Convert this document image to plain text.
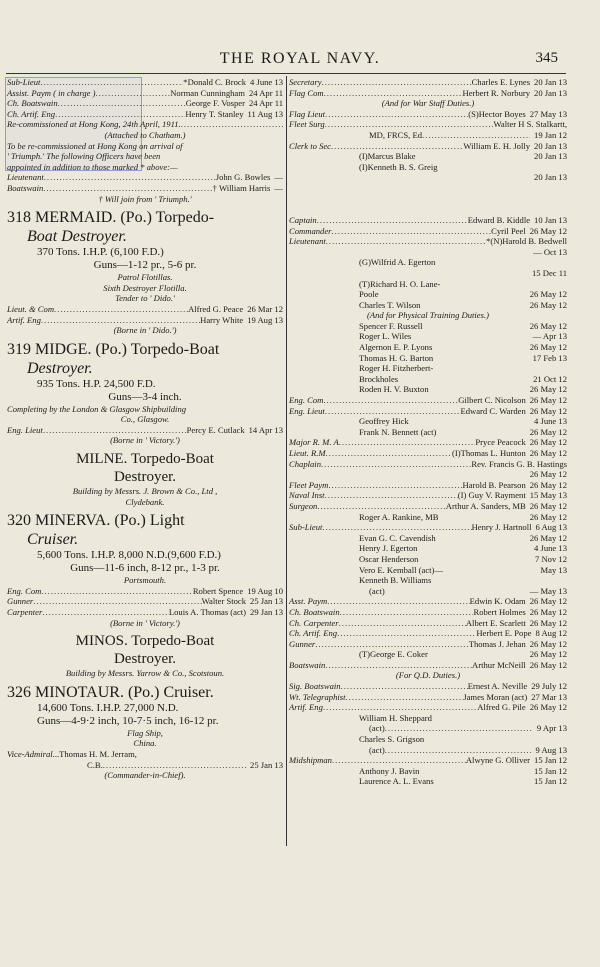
THE ROYAL NAVY.	345
Sub-Lieut .....	*Donald C. Brock 4 June 13
Assist. Paym ( in charge ) .....	Norman Cunningham 24 Apr 11
Ch. Boatswain .....	George F. Vosper 24 Apr 11
Ch. Artif. Eng .....	Henry T. Stanley 11 Aug 13
Re-commissioned at Hong Kong, 24th April, 1911.
.....
(Attached to Chatham.)
To be re-commissioned at Hong Kong on arrival of
' Triumph.' The following Officers have been
appointed in addition to those marked * above:—
Lieutenant .....	John G. Bowles —
Boatswain .....	† William Harris —
† Will join from ' Triumph.'
318 MERMAID. (Po.) Torpedo-
Boat Destroyer.
370 Tons. I.H.P. (6,100 F.D.)
Guns—1-12 pr., 5-6 pr.
Patrol Flotillas.
Sixth Destroyer Flotilla.
Tender to ' Dido.'
Lieut. & Com .....	Alfred G. Peace 26 Mar 12
Artif. Eng .....	Harry White 19 Aug 13
(Borne in ' Dido.')
319 MIDGE. (Po.) Torpedo-Boat
Destroyer.
935 Tons. H.P. 24,500 F.D.
Guns—3-4 inch.
Completing by the London & Glasgow Shipbuilding
Co., Glasgow.
Eng. Lieut .....	Percy E. Cutlack 14 Apr 13
(Borne in ' Victory.')
MILNE. Torpedo-Boat
Destroyer.
Building by Messrs. J. Brown & Co., Ltd ,
Clydebank.
320 MINERVA. (Po.) Light
Cruiser.
5,600 Tons. I.H.P. 8,000 N.D.(9,600 F.D.)
Guns—11-6 inch, 8-12 pr., 1-3 pr.
Portsmouth.
Eng. Com .....	Robert Spence 19 Aug 10
Gunner .....	Walter Stock 25 Jan 13
Carpenter .....	Louis A. Thomas (act) 29 Jan 13
(Borne in ' Victory.')
MINOS. Torpedo-Boat
Destroyer.
Building by Messrs. Yarrow & Co., Scotstoun.
326 MINOTAUR. (Po.) Cruiser.
14,600 Tons. I.H.P. 27,000 N.D.
Guns—4-9·2 inch, 10-7·5 inch, 16-12 pr.
Flag Ship,
China.
Vice-Admiral ... Thomas H. M. Jerram,
C.B. .....	25 Jan 13
(Commander-in-Chief).
Secretary .....	Charles E. Lynes 20 Jan 13
Flag Com .....	Herbert R. Norbury 20 Jan 13
(And for War Staff Duties.)
Flag Lieut .....	(S)Hector Boyes 27 May 13
Fleet Surg .....	Walter H S. Stalkartt,
MD, FRCS, Ed .....	19 Jan 12
Clerk to Sec .....	William E. H. Jolly 20 Jan 13
(I)Marcus Blake	20 Jan 13
(I)Kenneth B. S. Greig
20 Jan 13
Captain .....	Edward B. Kiddle 10 Jan 13
Commander .....	Cyril Peel 26 May 12
Lieutenant .....	*(N)Harold B. Bedwell
— Oct 13
(G)Wilfrid A. Egerton
15 Dec 11
(T)Richard H. O. Lane-
Poole	26 May 12
Charles T. Wilson	26 May 12
(And for Physical Training Duties.)
Spencer F. Russell	26 May 12
Roger L. Wiles	— Apr 13
Algernon E. P. Lyons	26 May 12
Thomas H. G. Barton	17 Feb 13
Roger H. Fitzherbert-
Brockholes	21 Oct 12
Roden H. V. Buxton	26 May 12
Eng. Com .....	Gilbert C. Nicolson 26 May 12
Eng. Lieut .....	Edward C. Warden 26 May 12
Geoffrey Hick	4 June 13
Frank N. Bennett (act)	26 May 12
Major R. M. A .....	Pryce Peacock 26 May 12
Lieut. R.M .....	(I)Thomas L. Hunton 26 May 12
Chaplain .....	Rev. Francis G. B. Hastings
26 May 12
Fleet Paym .....	Harold B. Pearson 26 May 12
Naval Inst .....	(I) Guy V. Rayment 15 May 13
Surgeon .....	Arthur A. Sanders, MB 26 May 12
Roger A. Rankine, MB	26 May 12
Sub-Lieut .....	Henry J. Hartnoll 6 Aug 13
Evan G. C. Cavendish	26 May 12
Henry J. Egerton	4 June 13
Oscar Henderson	7 Nov 12
Vero E. Kemball (act)—	May 13
Kenneth B. Williams
(act)	— May 13
Asst. Paym .....	Edwin K. Odam 26 May 12
Ch. Boatswain .....	Robert Holmes 26 May 12
Ch. Carpenter .....	Albert E. Scarlett 26 May 12
Ch. Artif. Eng .....	Herbert E. Pope 8 Aug 12
Gunner .....	Thomas J. Jehan 26 May 12
(T)George E. Coker	26 May 12
Boatswain .....	Arthur McNeill 26 May 12
(For Q.D. Duties.)
Sig. Boatswain .....	Ernest A. Neville 29 July 12
Wt. Telegraphist .....	James Moran (act) 27 Mar 13
Artif. Eng .....	Alfred G. Pile 26 May 12
William H. Sheppard
(act) .....	9 Apr 13
Charles S. Grigson
(act) .....	9 Aug 13
Midshipman .....	Alwyne G. Olliver 15 Jan 12
Anthony J. Bavin	15 Jan 12
Laurence A. L. Evans	15 Jan 12
